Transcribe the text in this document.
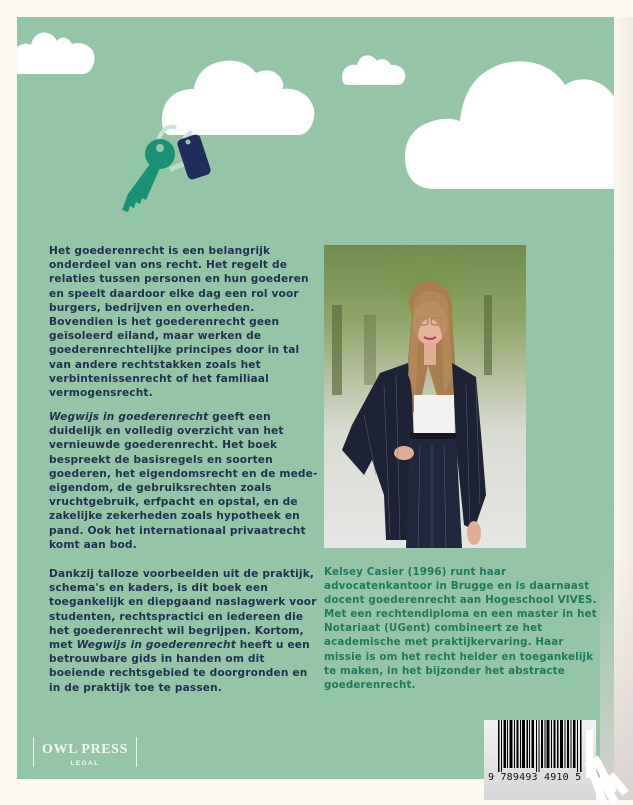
Het goederenrecht is een belangrijk onderdeel van ons recht. Het regelt de relaties tussen personen en hun goederen en speelt daardoor elke dag een rol voor burgers, bedrijven en overheden. Bovendien is het goederenrecht geen geïsoleerd eiland, maar werken de goederenrechtelijke principes door in tal van andere rechtstakken zoals het verbintenissenrecht of het familiaal vermogensrecht.

Wegwijs in goederenrecht geeft een duidelijk en volledig overzicht van het vernieuwde goederenrecht. Het boek bespreekt de basisregels en soorten goederen, het eigendomsrecht en de mede-eigendom, de gebruiksrechten zoals vruchtgebruik, erfpacht en opstal, en de zakelijke zekerheden zoals hypotheek en pand. Ook het internationaal privaatrecht komt aan bod.

Dankzij talloze voorbeelden uit de praktijk, schema's en kaders, is dit boek een toegankelijk en diepgaand naslagwerk voor studenten, rechtspractici en iedereen die het goederenrecht wil begrijpen. Kortom, met Wegwijs in goederenrecht heeft u een betrouwbare gids in handen om dit boeiende rechtsgebied te doorgronden en in de praktijk toe te passen.

Kelsey Casier (1996) runt haar advocatenkantoor in Brugge en is daarnaast docent goederenrecht aan Hogeschool VIVES. Met een rechtendiploma en een master in het Notariaat (UGent) combineert ze het academische met praktijkervaring. Haar missie is om het recht helder en toegankelijk te maken, in het bijzonder het abstracte goederenrecht.
OWL PRESS
LEGAL
9 789493 4910 5
